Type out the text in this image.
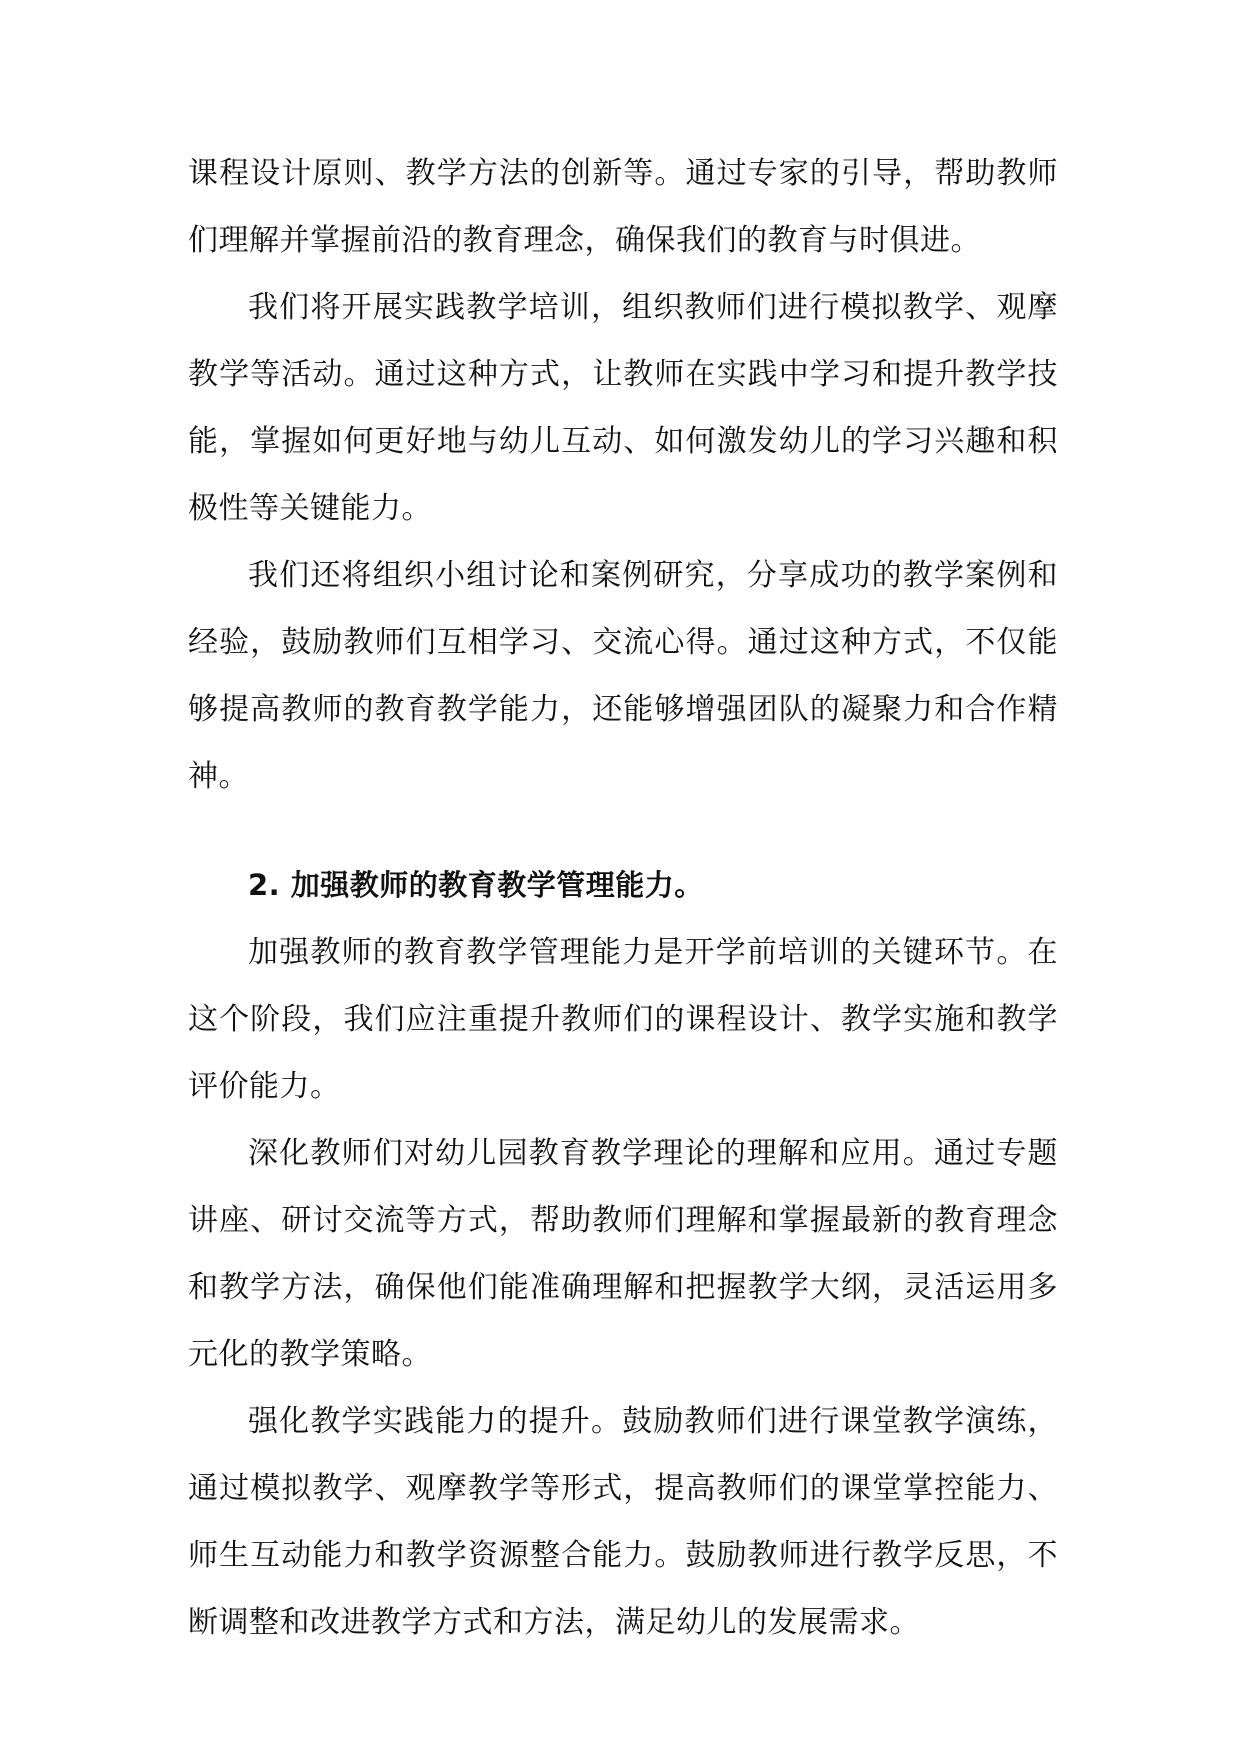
课程设计原则、教学方法的创新等。通过专家的引导，帮助教师们理解并掌握前沿的教育理念，确保我们的教育与时俱进。

我们将开展实践教学培训，组织教师们进行模拟教学、观摩教学等活动。通过这种方式，让教师在实践中学习和提升教学技能，掌握如何更好地与幼儿互动、如何激发幼儿的学习兴趣和积极性等关键能力。

我们还将组织小组讨论和案例研究，分享成功的教学案例和经验，鼓励教师们互相学习、交流心得。通过这种方式，不仅能够提高教师的教育教学能力，还能够增强团队的凝聚力和合作精神。

2. 加强教师的教育教学管理能力。

加强教师的教育教学管理能力是开学前培训的关键环节。在这个阶段，我们应注重提升教师们的课程设计、教学实施和教学评价能力。

深化教师们对幼儿园教育教学理论的理解和应用。通过专题讲座、研讨交流等方式，帮助教师们理解和掌握最新的教育理念和教学方法，确保他们能准确理解和把握教学大纲，灵活运用多元化的教学策略。

强化教学实践能力的提升。鼓励教师们进行课堂教学演练，通过模拟教学、观摩教学等形式，提高教师们的课堂掌控能力、师生互动能力和教学资源整合能力。鼓励教师进行教学反思，不断调整和改进教学方式和方法，满足幼儿的发展需求。
